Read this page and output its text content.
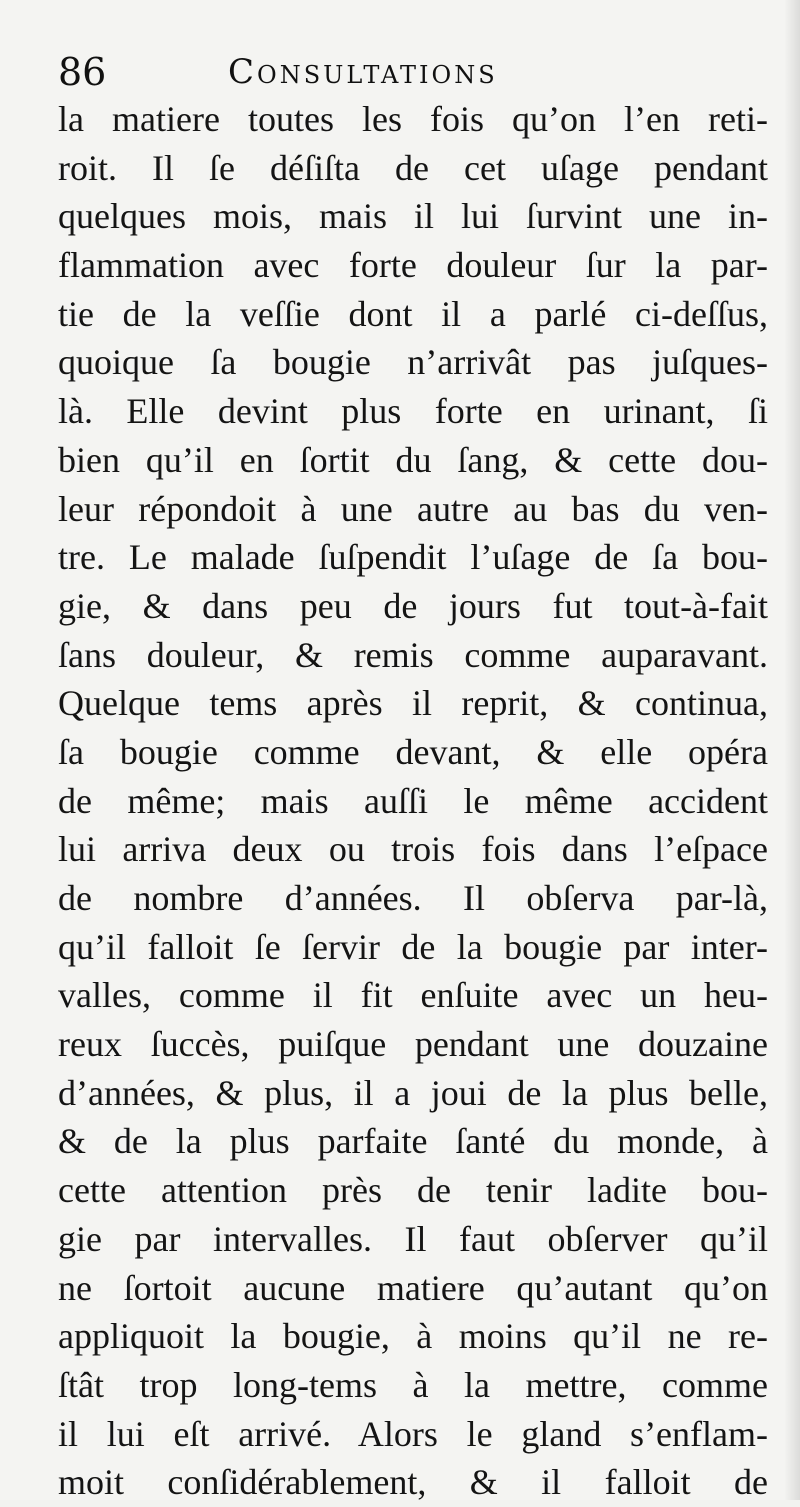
86	Consultations
la matiere toutes les fois qu’on l’en reti-
roit. Il ſe déſiſta de cet uſage pendant
quelques mois, mais il lui ſurvint une in-
flammation avec forte douleur ſur la par-
tie de la veſſie dont il a parlé ci-deſſus,
quoique ſa bougie n’arrivât pas juſques-
là. Elle devint plus forte en urinant, ſi
bien qu’il en ſortit du ſang, & cette dou-
leur répondoit à une autre au bas du ven-
tre. Le malade ſuſpendit l’uſage de ſa bou-
gie, & dans peu de jours fut tout-à-fait
ſans douleur, & remis comme auparavant.
Quelque tems après il reprit, & continua,
ſa bougie comme devant, & elle opéra
de même; mais auſſi le même accident
lui arriva deux ou trois fois dans l’eſpace
de nombre d’années. Il obſerva par-là,
qu’il falloit ſe ſervir de la bougie par inter-
valles, comme il fit enſuite avec un heu-
reux ſuccès, puiſque pendant une douzaine
d’années, & plus, il a joui de la plus belle,
& de la plus parfaite ſanté du monde, à
cette attention près de tenir ladite bou-
gie par intervalles. Il faut obſerver qu’il
ne ſortoit aucune matiere qu’autant qu’on
appliquoit la bougie, à moins qu’il ne re-
ſtât trop long-tems à la mettre, comme
il lui eſt arrivé. Alors le gland s’enflam-
moit conſidérablement, & il falloit de
